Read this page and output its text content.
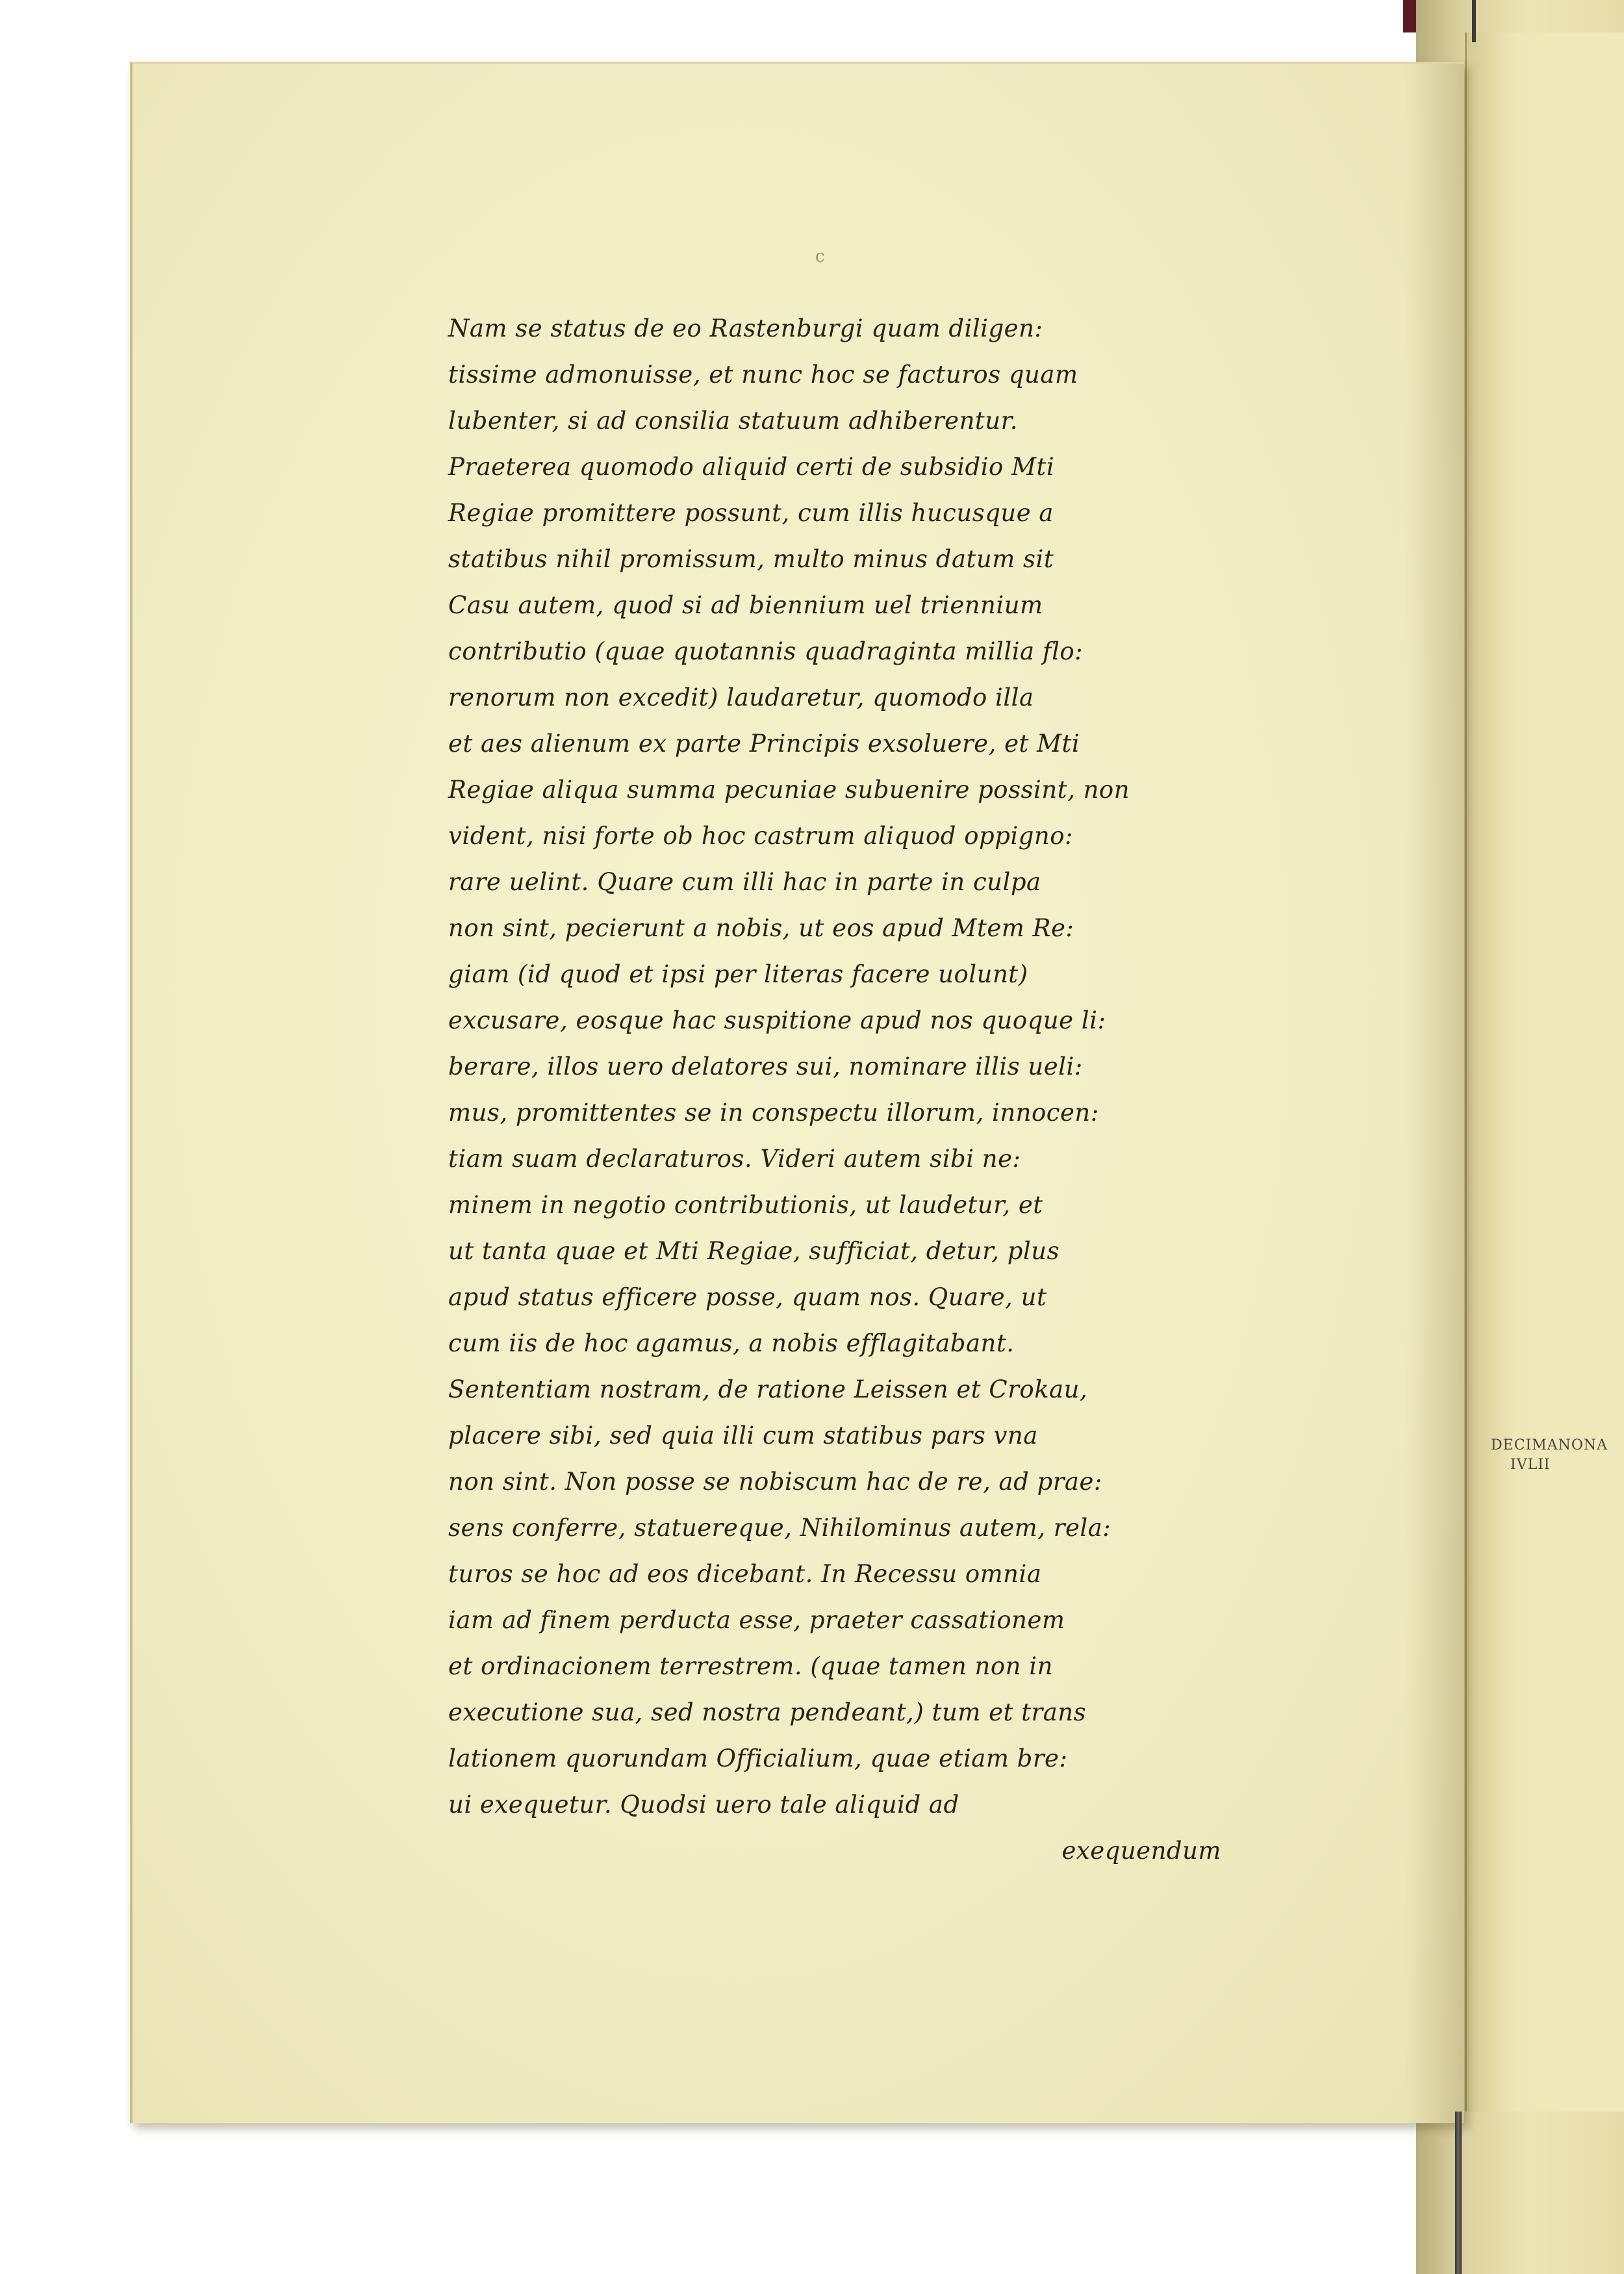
c
Nam se status de eo Rastenburgi quam diligen:
tissime admonuisse, et nunc hoc se facturos quam
lubenter, si ad consilia statuum adhiberentur.
Praeterea quomodo aliquid certi de subsidio Mti
Regiae promittere possunt, cum illis hucusque a
statibus nihil promissum, multo minus datum sit
Casu autem, quod si ad biennium uel triennium
contributio (quae quotannis quadraginta millia flo:
renorum non excedit) laudaretur, quomodo illa
et aes alienum ex parte Principis exsoluere, et Mti
Regiae aliqua summa pecuniae subuenire possint, non
vident, nisi forte ob hoc castrum aliquod oppigno:
rare uelint. Quare cum illi hac in parte in culpa
non sint, pecierunt a nobis, ut eos apud Mtem Re:
giam (id quod et ipsi per literas facere uolunt)
excusare, eosque hac suspitione apud nos quoque li:
berare, illos uero delatores sui, nominare illis ueli:
mus, promittentes se in conspectu illorum, innocen:
tiam suam declaraturos. Videri autem sibi ne:
minem in negotio contributionis, ut laudetur, et
ut tanta quae et Mti Regiae, sufficiat, detur, plus
apud status efficere posse, quam nos. Quare, ut
cum iis de hoc agamus, a nobis efflagitabant.
Sententiam nostram, de ratione Leissen et Crokau,
placere sibi, sed quia illi cum statibus pars vna
non sint. Non posse se nobiscum hac de re, ad prae:
sens conferre, statuereque, Nihilominus autem, rela:
turos se hoc ad eos dicebant. In Recessu omnia
iam ad finem perducta esse, praeter cassationem
et ordinacionem terrestrem. (quae tamen non in
executione sua, sed nostra pendeant,) tum et trans
lationem quorundam Officialium, quae etiam bre:
ui exequetur. Quodsi uero tale aliquid ad
exequendum
DECIMANONA
IVLII
